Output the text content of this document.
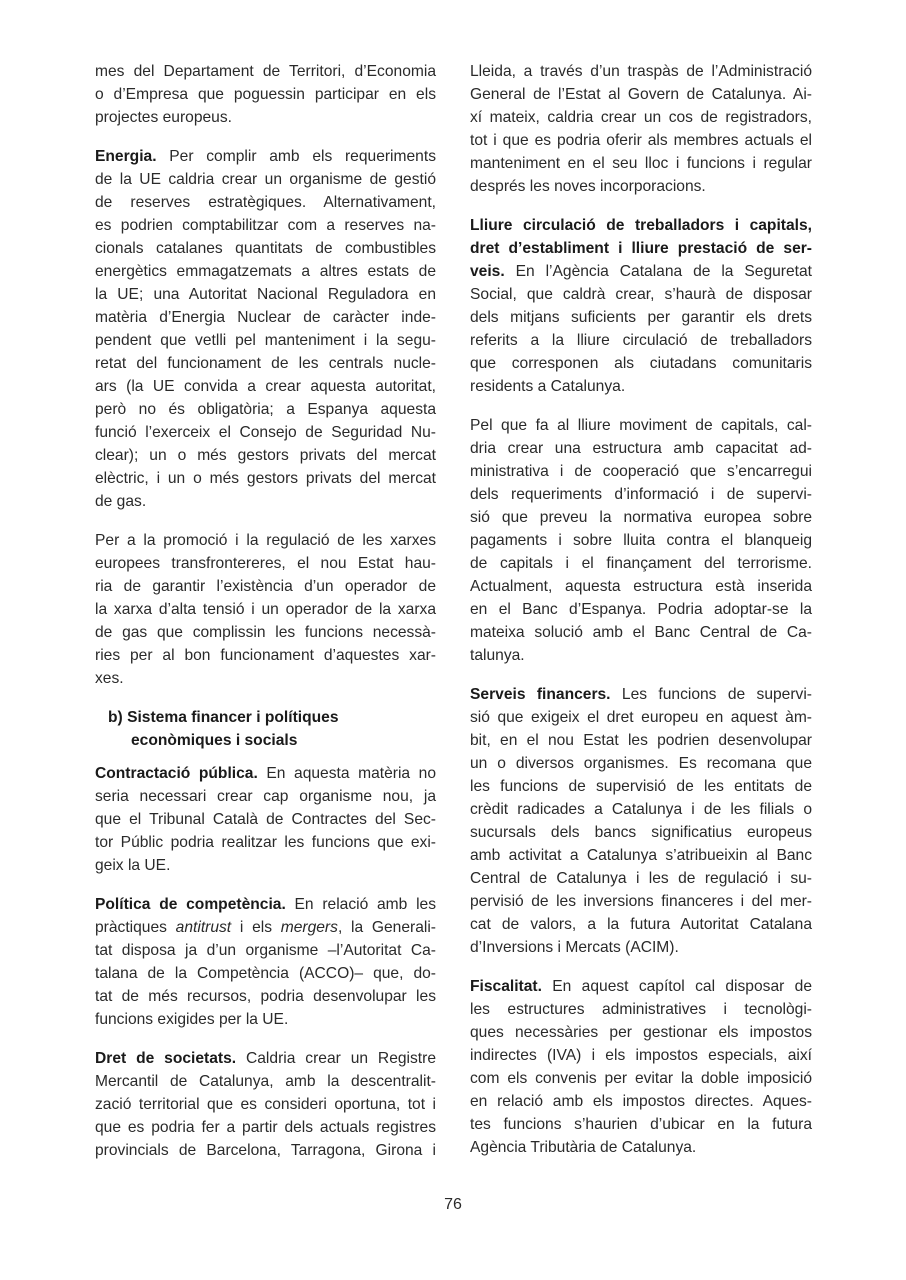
mes del Departament de Territori, d’Economia
o d’Empresa que poguessin participar en els
projectes europeus.
Energia. Per complir amb els requeriments
de la UE caldria crear un organisme de gestió
de reserves estratègiques. Alternativament,
es podrien comptabilitzar com a reserves na-
cionals catalanes quantitats de combustibles
energètics emmagatzemats a altres estats de
la UE; una Autoritat Nacional Reguladora en
matèria d’Energia Nuclear de caràcter inde-
pendent que vetlli pel manteniment i la segu-
retat del funcionament de les centrals nucle-
ars (la UE convida a crear aquesta autoritat,
però no és obligatòria; a Espanya aquesta
funció l’exerceix el Consejo de Seguridad Nu-
clear); un o més gestors privats del mercat
elèctric, i un o més gestors privats del mercat
de gas.
Per a la promoció i la regulació de les xarxes
europees transfrontereres, el nou Estat hau-
ria de garantir l’existència d’un operador de
la xarxa d’alta tensió i un operador de la xarxa
de gas que complissin les funcions necessà-
ries per al bon funcionament d’aquestes xar-
xes.
b) Sistema financer i polítiques
econòmiques i socials
Contractació pública. En aquesta matèria no
seria necessari crear cap organisme nou, ja
que el Tribunal Català de Contractes del Sec-
tor Públic podria realitzar les funcions que exi-
geix la UE.
Política de competència. En relació amb les
pràctiques antitrust i els mergers, la Generali-
tat disposa ja d’un organisme –l’Autoritat Ca-
talana de la Competència (ACCO)– que, do-
tat de més recursos, podria desenvolupar les
funcions exigides per la UE.
Dret de societats. Caldria crear un Registre
Mercantil de Catalunya, amb la descentralit-
zació territorial que es consideri oportuna, tot i
que es podria fer a partir dels actuals registres
provincials de Barcelona, Tarragona, Girona i
Lleida, a través d’un traspàs de l’Administració
General de l’Estat al Govern de Catalunya. Ai-
xí mateix, caldria crear un cos de registradors,
tot i que es podria oferir als membres actuals el
manteniment en el seu lloc i funcions i regular
després les noves incorporacions.
Lliure circulació de treballadors i capitals,
dret d’establiment i lliure prestació de ser-
veis. En l’Agència Catalana de la Seguretat
Social, que caldrà crear, s’haurà de disposar
dels mitjans suficients per garantir els drets
referits a la lliure circulació de treballadors
que corresponen als ciutadans comunitaris
residents a Catalunya.
Pel que fa al lliure moviment de capitals, cal-
dria crear una estructura amb capacitat ad-
ministrativa i de cooperació que s’encarregui
dels requeriments d’informació i de supervi-
sió que preveu la normativa europea sobre
pagaments i sobre lluita contra el blanqueig
de capitals i el finançament del terrorisme.
Actualment, aquesta estructura està inserida
en el Banc d’Espanya. Podria adoptar-se la
mateixa solució amb el Banc Central de Ca-
talunya.
Serveis financers. Les funcions de supervi-
sió que exigeix el dret europeu en aquest àm-
bit, en el nou Estat les podrien desenvolupar
un o diversos organismes. Es recomana que
les funcions de supervisió de les entitats de
crèdit radicades a Catalunya i de les filials o
sucursals dels bancs significatius europeus
amb activitat a Catalunya s’atribueixin al Banc
Central de Catalunya i les de regulació i su-
pervisió de les inversions financeres i del mer-
cat de valors, a la futura Autoritat Catalana
d’Inversions i Mercats (ACIM).
Fiscalitat. En aquest capítol cal disposar de
les estructures administratives i tecnològi-
ques necessàries per gestionar els impostos
indirectes (IVA) i els impostos especials, així
com els convenis per evitar la doble imposició
en relació amb els impostos directes. Aques-
tes funcions s’haurien d’ubicar en la futura
Agència Tributària de Catalunya.
76
